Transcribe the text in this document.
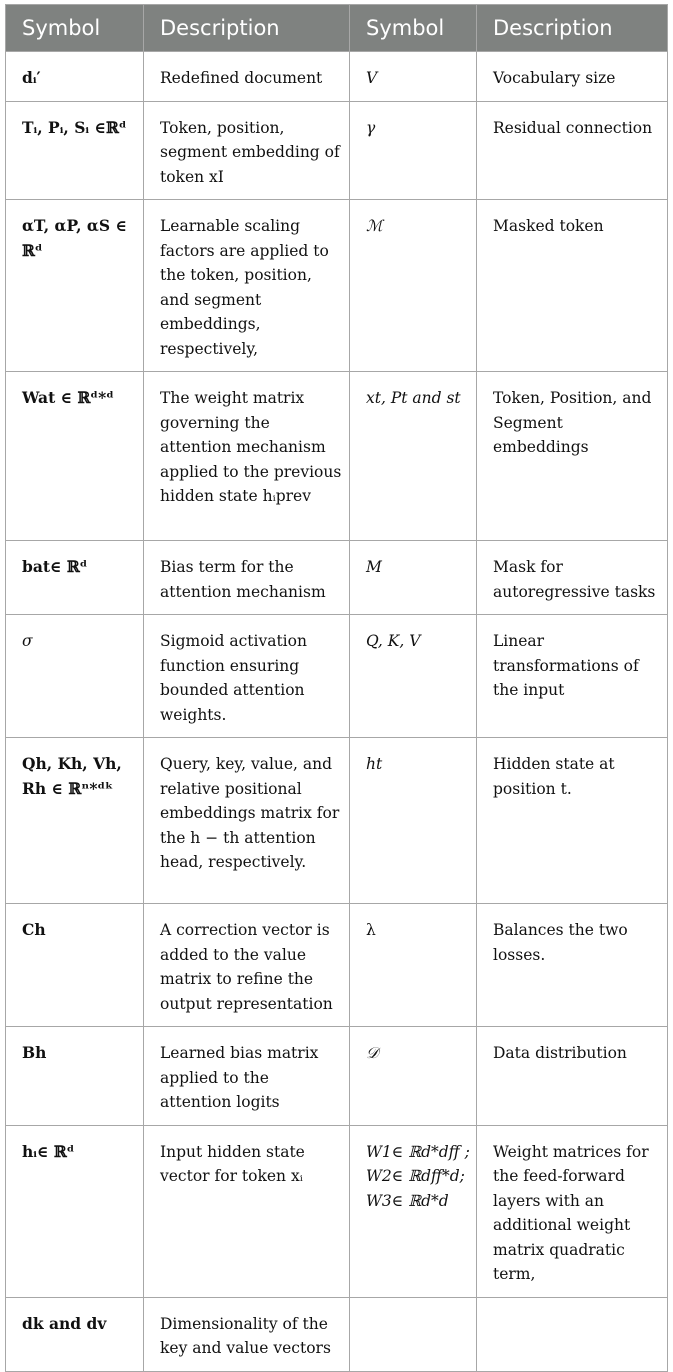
Symbol	Description	Symbol	Description
dᵢ′	Redefined document	V	Vocabulary size
Tᵢ, Pᵢ, Sᵢ ∈ℝᵈ	Token, position, segment embedding of token xI	γ	Residual connection
αT, αP, αS ∈ ℝᵈ	Learnable scaling factors are applied to the token, position, and segment embeddings, respectively,	ℳ	Masked token
Wat ∈ ℝᵈ*ᵈ	The weight matrix governing the attention mechanism applied to the previous hidden state hᵢprev	xt, Pt and st	Token, Position, and Segment embeddings
bat∈ ℝᵈ	Bias term for the attention mechanism	M	Mask for autoregressive tasks
σ	Sigmoid activation function ensuring bounded attention weights.	Q, K, V	Linear transformations of the input
Qh, Kh, Vh, Rh ∈ ℝⁿ*ᵈᵏ	Query, key, value, and relative positional embeddings matrix for the h − th attention head, respectively.	ht	Hidden state at position t.
Ch	A correction vector is added to the value matrix to refine the output representation	λ	Balances the two losses.
Bh	Learned bias matrix applied to the attention logits	𝒟	Data distribution
hᵢ∈ ℝᵈ	Input hidden state vector for token xᵢ	W1∈ ℝd*dff ; W2∈ ℝdff*d; W3∈ ℝd*d	Weight matrices for the feed-forward layers with an additional weight matrix quadratic term,
dk and dv	Dimensionality of the key and value vectors		
